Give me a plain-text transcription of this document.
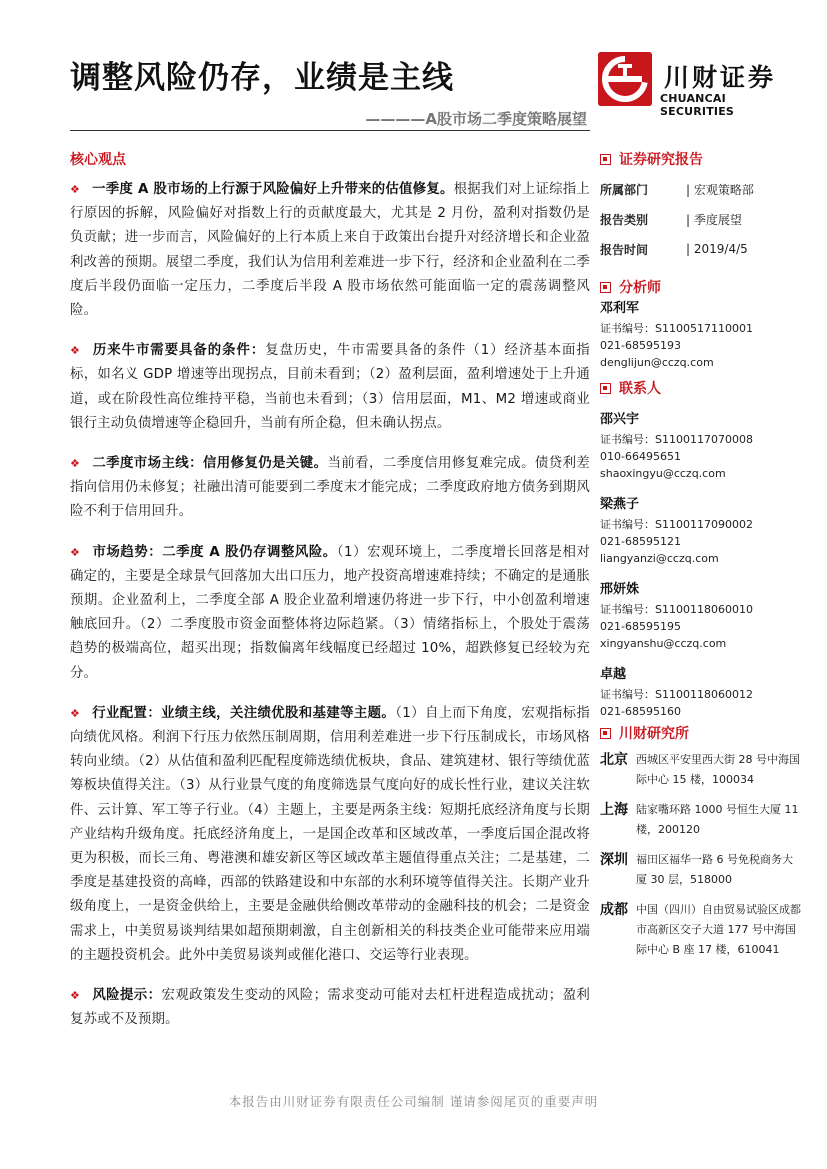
调整风险仍存，业绩是主线
————A股市场二季度策略展望
川财证券
CHUANCAI SECURITIES
核心观点

❖ 一季度 A 股市场的上行源于风险偏好上升带来的估值修复。根据我们对上证综指上行原因的拆解，风险偏好对指数上行的贡献度最大，尤其是 2 月份，盈利对指数仍是负贡献；进一步而言，风险偏好的上行本质上来自于政策出台提升对经济增长和企业盈利改善的预期。展望二季度，我们认为信用利差难进一步下行，经济和企业盈利在二季度后半段仍面临一定压力，二季度后半段 A 股市场依然可能面临一定的震荡调整风险。

❖ 历来牛市需要具备的条件：复盘历史，牛市需要具备的条件（1）经济基本面指标，如名义 GDP 增速等出现拐点，目前未看到；（2）盈利层面，盈利增速处于上升通道，或在阶段性高位维持平稳，当前也未看到；（3）信用层面，M1、M2 增速或商业银行主动负债增速等企稳回升，当前有所企稳，但未确认拐点。

❖ 二季度市场主线：信用修复仍是关键。当前看，二季度信用修复难完成。债贷利差指向信用仍未修复；社融出清可能要到二季度末才能完成；二季度政府地方债务到期风险不利于信用回升。

❖ 市场趋势：二季度 A 股仍存调整风险。（1）宏观环境上，二季度增长回落是相对确定的，主要是全球景气回落加大出口压力，地产投资高增速难持续；不确定的是通胀预期。企业盈利上，二季度全部 A 股企业盈利增速仍将进一步下行，中小创盈利增速触底回升。（2）二季度股市资金面整体将边际趋紧。（3）情绪指标上，个股处于震荡趋势的极端高位，超买出现；指数偏离年线幅度已经超过 10%，超跌修复已经较为充分。

❖ 行业配置：业绩主线，关注绩优股和基建等主题。（1）自上而下角度，宏观指标指向绩优风格。利润下行压力依然压制周期，信用利差难进一步下行压制成长，市场风格转向业绩。（2）从估值和盈利匹配程度筛选绩优板块，食品、建筑建材、银行等绩优蓝筹板块值得关注。（3）从行业景气度的角度筛选景气度向好的成长性行业，建议关注软件、云计算、军工等子行业。（4）主题上，主要是两条主线：短期托底经济角度与长期产业结构升级角度。托底经济角度上，一是国企改革和区域改革，一季度后国企混改将更为积极，而长三角、粤港澳和雄安新区等区域改革主题值得重点关注；二是基建，二季度是基建投资的高峰，西部的铁路建设和中东部的水利环境等值得关注。长期产业升级角度上，一是资金供给上，主要是金融供给侧改革带动的金融科技的机会；二是资金需求上，中美贸易谈判结果如超预期刺激，自主创新相关的科技类企业可能带来应用端的主题投资机会。此外中美贸易谈判或催化港口、交运等行业表现。

❖ 风险提示：宏观政策发生变动的风险；需求变动可能对去杠杆进程造成扰动；盈利复苏或不及预期。

证券研究报告
所属部门	| 宏观策略部
报告类别	| 季度展望
报告时间	| 2019/4/5
分析师
邓利军
证书编号：S1100517110001
021-68595193
denglijun@cczq.com
联系人
邵兴宇
证书编号：S1100117070008
010-66495651
shaoxingyu@cczq.com
梁燕子
证书编号：S1100117090002
021-68595121
liangyanzi@cczq.com
邢妍姝
证书编号：S1100118060010
021-68595195
xingyanshu@cczq.com
卓越
证书编号：S1100118060012
021-68595160
川财研究所
北京 西城区平安里西大街 28 号中海国际中心 15 楼，100034
上海 陆家嘴环路 1000 号恒生大厦 11 楼，200120
深圳 福田区福华一路 6 号免税商务大厦 30 层，518000
成都 中国（四川）自由贸易试验区成都市高新区交子大道 177 号中海国际中心 B 座 17 楼，610041
本报告由川财证券有限责任公司编制 谨请参阅尾页的重要声明
